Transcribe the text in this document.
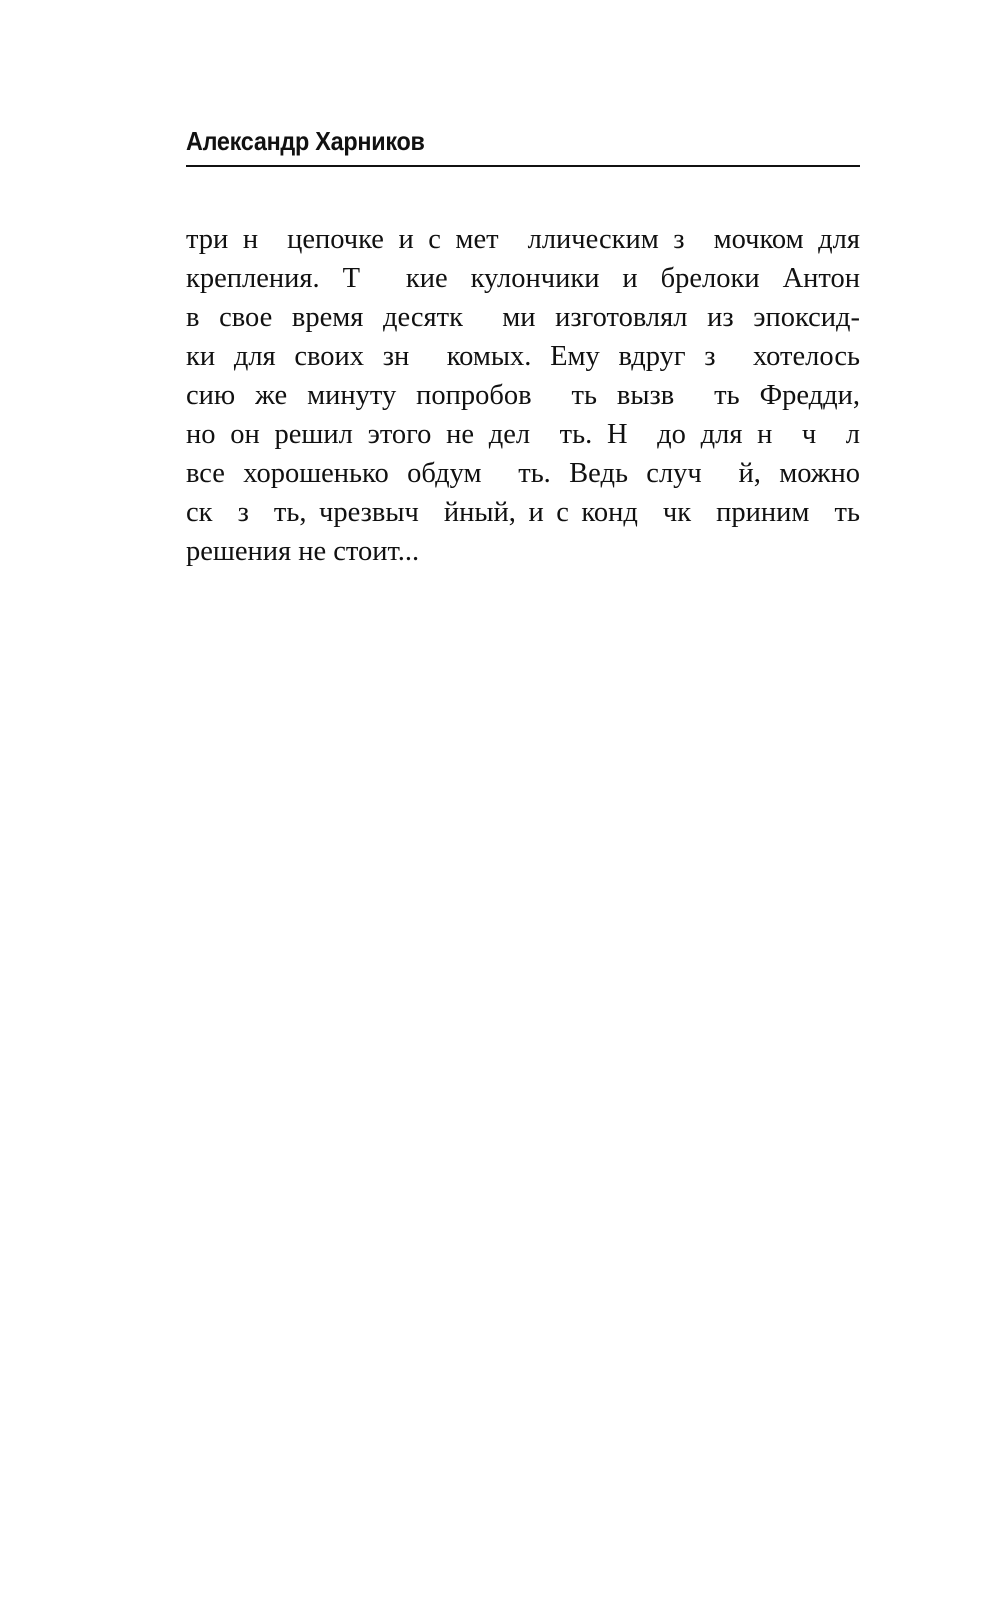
Александр Харников
три н  цепочке и с мет  ллическим з  мочком для
крепления. Т  кие кулончики и брелоки Антон
в свое время десятк  ми изготовлял из эпоксид-
ки для своих зн  комых. Ему вдруг з  хотелось
сию же минуту попробов  ть вызв  ть Фредди,
но он решил этого не дел  ть. Н  до для н  ч  л
все хорошенько обдум  ть. Ведь случ  й, можно
ск  з  ть, чрезвыч  йный, и с конд  чк  приним  ть
решения не стоит...
